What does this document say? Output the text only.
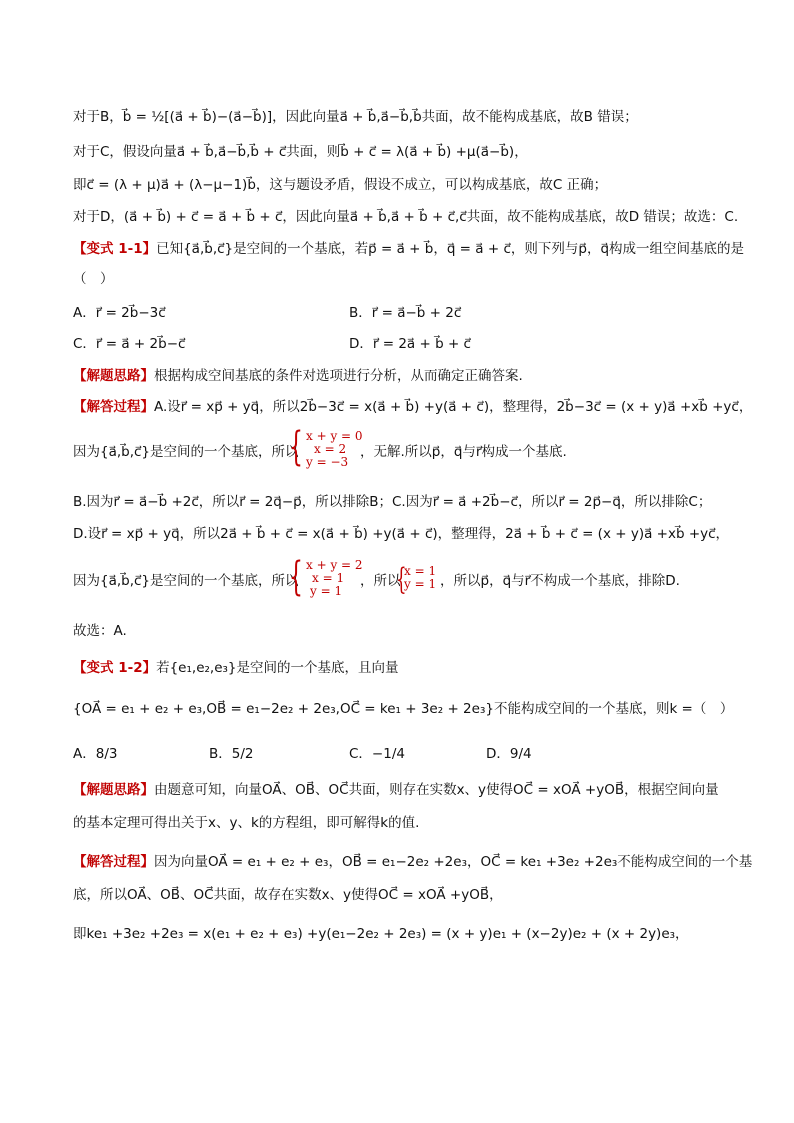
对于B，b⃗ = ½[(a⃗ + b⃗)−(a⃗−b⃗)]，因此向量a⃗ + b⃗,a⃗−b⃗,b⃗共面，故不能构成基底，故B 错误；
对于C，假设向量a⃗ + b⃗,a⃗−b⃗,b⃗ + c⃗共面，则b⃗ + c⃗ = λ(a⃗ + b⃗) +μ(a⃗−b⃗)，
即c⃗ = (λ + μ)a⃗ + (λ−μ−1)b⃗，这与题设矛盾，假设不成立，可以构成基底，故C 正确；
对于D，(a⃗ + b⃗) + c⃗ = a⃗ + b⃗ + c⃗，因此向量a⃗ + b⃗,a⃗ + b⃗ + c⃗,c⃗共面，故不能构成基底，故D 错误；故选：C.
【变式 1-1】已知{a⃗,b⃗,c⃗}是空间的一个基底，若p⃗ = a⃗ + b⃗，q⃗ = a⃗ + c⃗，则下列与p⃗，q⃗构成一组空间基底的是
（　）
A．r⃗ = 2b⃗−3c⃗	B．r⃗ = a⃗−b⃗ + 2c⃗
C．r⃗ = a⃗ + 2b⃗−c⃗	D．r⃗ = 2a⃗ + b⃗ + c⃗
【解题思路】根据构成空间基底的条件对选项进行分析，从而确定正确答案.
【解答过程】A.设r⃗ = xp⃗ + yq⃗，所以2b⃗−3c⃗ = x(a⃗ + b⃗) +y(a⃗ + c⃗)，整理得，2b⃗−3c⃗ = (x + y)a⃗ +xb⃗ +yc⃗，
因为{a⃗,b⃗,c⃗}是空间的一个基底，所以
{ x + y = 0
x = 2
y = −3
，无解.所以p⃗，q⃗与r⃗构成一个基底.
B.因为r⃗ = a⃗−b⃗ +2c⃗，所以r⃗ = 2q⃗−p⃗，所以排除B；C.因为r⃗ = a⃗ +2b⃗−c⃗，所以r⃗ = 2p⃗−q⃗，所以排除C；
D.设r⃗ = xp⃗ + yq⃗，所以2a⃗ + b⃗ + c⃗ = x(a⃗ + b⃗) +y(a⃗ + c⃗)，整理得，2a⃗ + b⃗ + c⃗ = (x + y)a⃗ +xb⃗ +yc⃗，
因为{a⃗,b⃗,c⃗}是空间的一个基底，所以
{ x + y = 2
x = 1
y = 1
，所以
{
x = 1
y = 1 ，所以p⃗，q⃗与r⃗不构成一个基底，排除D.
故选：A.
【变式 1-2】若{e₁,e₂,e₃}是空间的一个基底，且向量
{OA⃗ = e₁ + e₂ + e₃,OB⃗ = e₁−2e₂ + 2e₃,OC⃗ = ke₁ + 3e₂ + 2e₃}不能构成空间的一个基底，则k =（　）
A．8/3	B．5/2	C．−1/4	D．9/4
【解题思路】由题意可知，向量OA⃗、OB⃗、OC⃗共面，则存在实数x、y使得OC⃗ = xOA⃗ +yOB⃗，根据空间向量
的基本定理可得出关于x、y、k的方程组，即可解得k的值.
【解答过程】因为向量OA⃗ = e₁ + e₂ + e₃，OB⃗ = e₁−2e₂ +2e₃，OC⃗ = ke₁ +3e₂ +2e₃不能构成空间的一个基
底，所以OA⃗、OB⃗、OC⃗共面，故存在实数x、y使得OC⃗ = xOA⃗ +yOB⃗，
即ke₁ +3e₂ +2e₃ = x(e₁ + e₂ + e₃) +y(e₁−2e₂ + 2e₃) = (x + y)e₁ + (x−2y)e₂ + (x + 2y)e₃，
